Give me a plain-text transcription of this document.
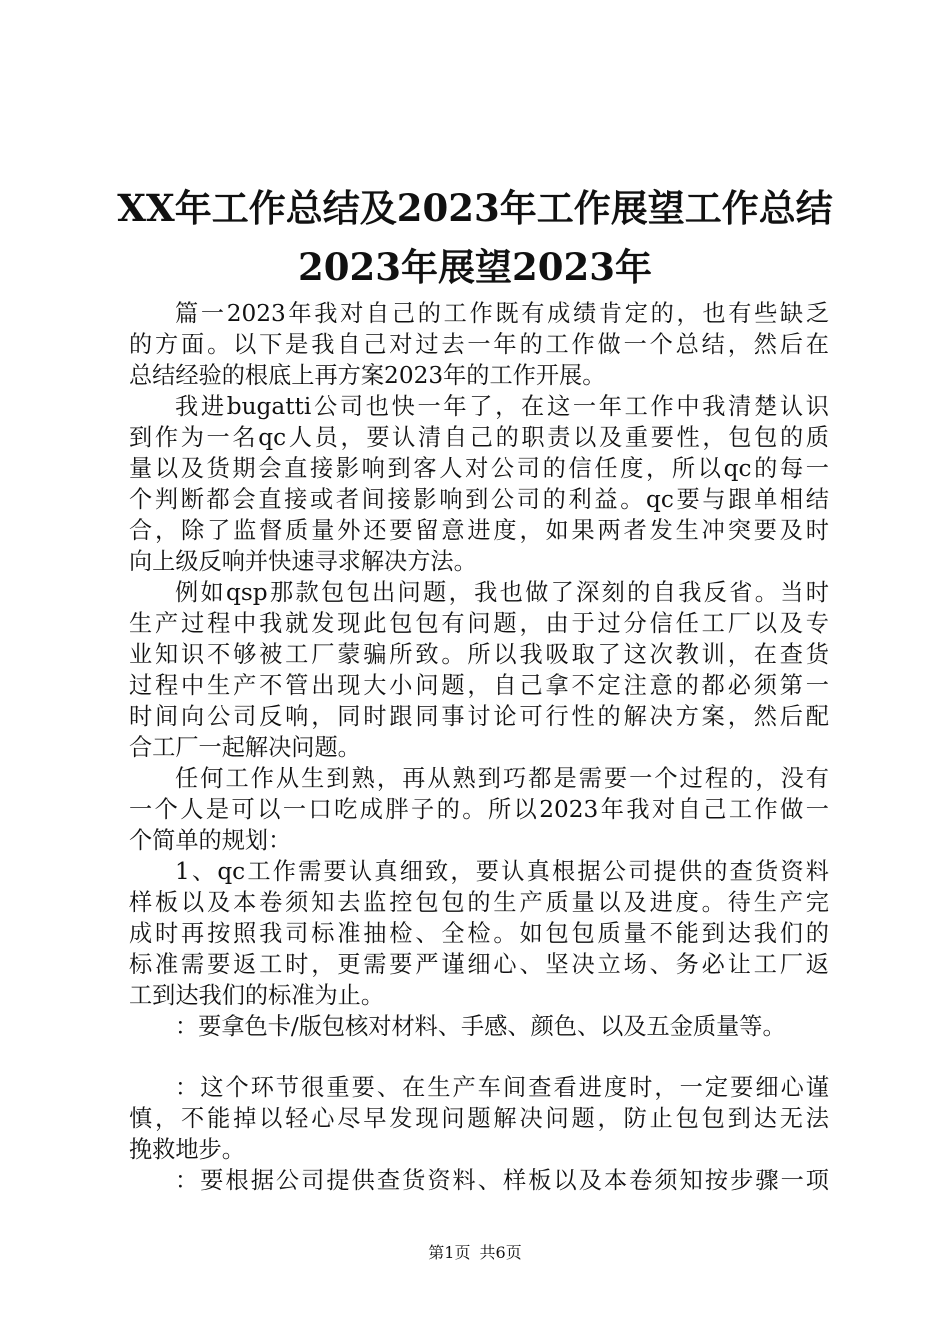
XX年工作总结及2023年工作展望工作总结
2023年展望2023年
篇一2023年我对自己的工作既有成绩肯定的，也有些缺乏
的方面。以下是我自己对过去一年的工作做一个总结，然后在
总结经验的根底上再方案2023年的工作开展。
我进bugatti公司也快一年了，在这一年工作中我清楚认识
到作为一名qc人员，要认清自己的职责以及重要性，包包的质
量以及货期会直接影响到客人对公司的信任度，所以qc的每一
个判断都会直接或者间接影响到公司的利益。qc要与跟单相结
合，除了监督质量外还要留意进度，如果两者发生冲突要及时
向上级反响并快速寻求解决方法。
例如qsp那款包包出问题，我也做了深刻的自我反省。当时
生产过程中我就发现此包包有问题，由于过分信任工厂以及专
业知识不够被工厂蒙骗所致。所以我吸取了这次教训，在查货
过程中生产不管出现大小问题，自己拿不定注意的都必须第一
时间向公司反响，同时跟同事讨论可行性的解决方案，然后配
合工厂一起解决问题。
任何工作从生到熟，再从熟到巧都是需要一个过程的，没有
一个人是可以一口吃成胖子的。所以2023年我对自己工作做一
个简单的规划：
1、qc工作需要认真细致，要认真根据公司提供的查货资料
样板以及本卷须知去监控包包的生产质量以及进度。待生产完
成时再按照我司标准抽检、全检。如包包质量不能到达我们的
标准需要返工时，更需要严谨细心、坚决立场、务必让工厂返
工到达我们的标准为止。
：要拿色卡/版包核对材料、手感、颜色、以及五金质量等。
：这个环节很重要、在生产车间查看进度时，一定要细心谨
慎，不能掉以轻心尽早发现问题解决问题，防止包包到达无法
挽救地步。
：要根据公司提供查货资料、样板以及本卷须知按步骤一项
第1页 共6页
